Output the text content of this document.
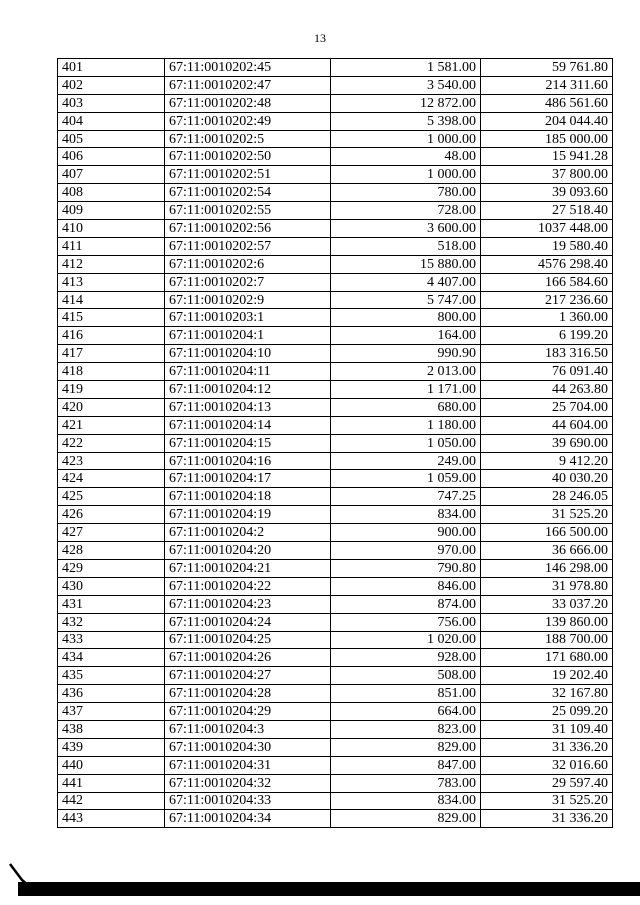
13
401	67:11:0010202:45	1 581.00	59 761.80
402	67:11:0010202:47	3 540.00	214 311.60
403	67:11:0010202:48	12 872.00	486 561.60
404	67:11:0010202:49	5 398.00	204 044.40
405	67:11:0010202:5	1 000.00	185 000.00
406	67:11:0010202:50	48.00	15 941.28
407	67:11:0010202:51	1 000.00	37 800.00
408	67:11:0010202:54	780.00	39 093.60
409	67:11:0010202:55	728.00	27 518.40
410	67:11:0010202:56	3 600.00	1037 448.00
411	67:11:0010202:57	518.00	19 580.40
412	67:11:0010202:6	15 880.00	4576 298.40
413	67:11:0010202:7	4 407.00	166 584.60
414	67:11:0010202:9	5 747.00	217 236.60
415	67:11:0010203:1	800.00	1 360.00
416	67:11:0010204:1	164.00	6 199.20
417	67:11:0010204:10	990.90	183 316.50
418	67:11:0010204:11	2 013.00	76 091.40
419	67:11:0010204:12	1 171.00	44 263.80
420	67:11:0010204:13	680.00	25 704.00
421	67:11:0010204:14	1 180.00	44 604.00
422	67:11:0010204:15	1 050.00	39 690.00
423	67:11:0010204:16	249.00	9 412.20
424	67:11:0010204:17	1 059.00	40 030.20
425	67:11:0010204:18	747.25	28 246.05
426	67:11:0010204:19	834.00	31 525.20
427	67:11:0010204:2	900.00	166 500.00
428	67:11:0010204:20	970.00	36 666.00
429	67:11:0010204:21	790.80	146 298.00
430	67:11:0010204:22	846.00	31 978.80
431	67:11:0010204:23	874.00	33 037.20
432	67:11:0010204:24	756.00	139 860.00
433	67:11:0010204:25	1 020.00	188 700.00
434	67:11:0010204:26	928.00	171 680.00
435	67:11:0010204:27	508.00	19 202.40
436	67:11:0010204:28	851.00	32 167.80
437	67:11:0010204:29	664.00	25 099.20
438	67:11:0010204:3	823.00	31 109.40
439	67:11:0010204:30	829.00	31 336.20
440	67:11:0010204:31	847.00	32 016.60
441	67:11:0010204:32	783.00	29 597.40
442	67:11:0010204:33	834.00	31 525.20
443	67:11:0010204:34	829.00	31 336.20
